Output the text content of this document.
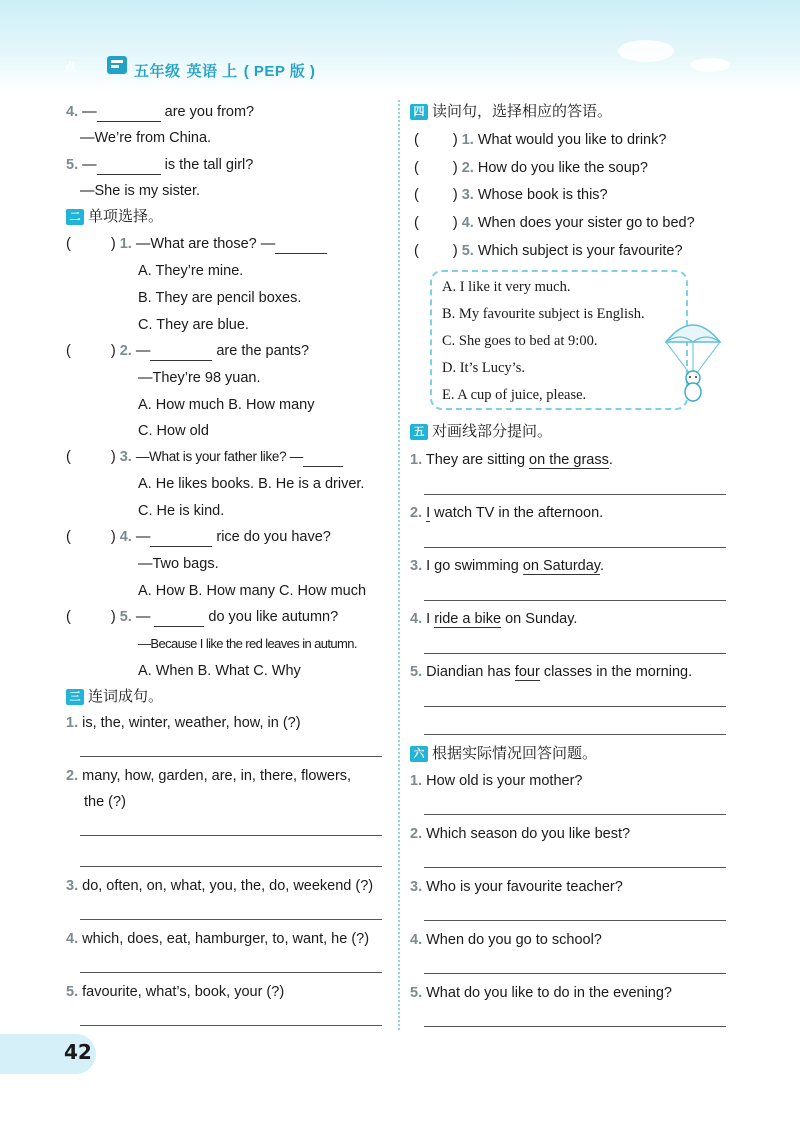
点	五年级 英语 上 ( PEP 版 )
4. —	are you from?
—We’re from China.
5. —	is the tall girl?
—She is my sister.
二 单项选择。
(	) 1. —What are those? —
A. They’re mine.
B. They are pencil boxes.
C. They are blue.
(	) 2. —	are the pants?
—They’re 98 yuan.
A. How much B. How many
C. How old
(	) 3. —What is your father like? —
A. He likes books. B. He is a driver.
C. He is kind.
(	) 4. —	rice do you have?
—Two bags.
A. How B. How many C. How much
(	) 5. —	do you like autumn?
—Because I like the red leaves in autumn.
A. When B. What C. Why
三 连词成句。
1. is, the, winter, weather, how, in (?)
2. many, how, garden, are, in, there, flowers,
the (?)
3. do, often, on, what, you, the, do, weekend (?)
4. which, does, eat, hamburger, to, want, he (?)
5. favourite, what’s, book, your (?)
四 读问句，选择相应的答语。
( ) 1. What would you like to drink?
( ) 2. How do you like the soup?
( ) 3. Whose book is this?
( ) 4. When does your sister go to bed?
( ) 5. Which subject is your favourite?
A. I like it very much.
B. My favourite subject is English.
C. She goes to bed at 9:00.
D. It’s Lucy’s.
E. A cup of juice, please.
五 对画线部分提问。
1. They are sitting on the grass.
2. I watch TV in the afternoon.
3. I go swimming on Saturday.
4. I ride a bike on Sunday.
5. Diandian has four classes in the morning.
六 根据实际情况回答问题。
1. How old is your mother?
2. Which season do you like best?
3. Who is your favourite teacher?
4. When do you go to school?
5. What do you like to do in the evening?
42
